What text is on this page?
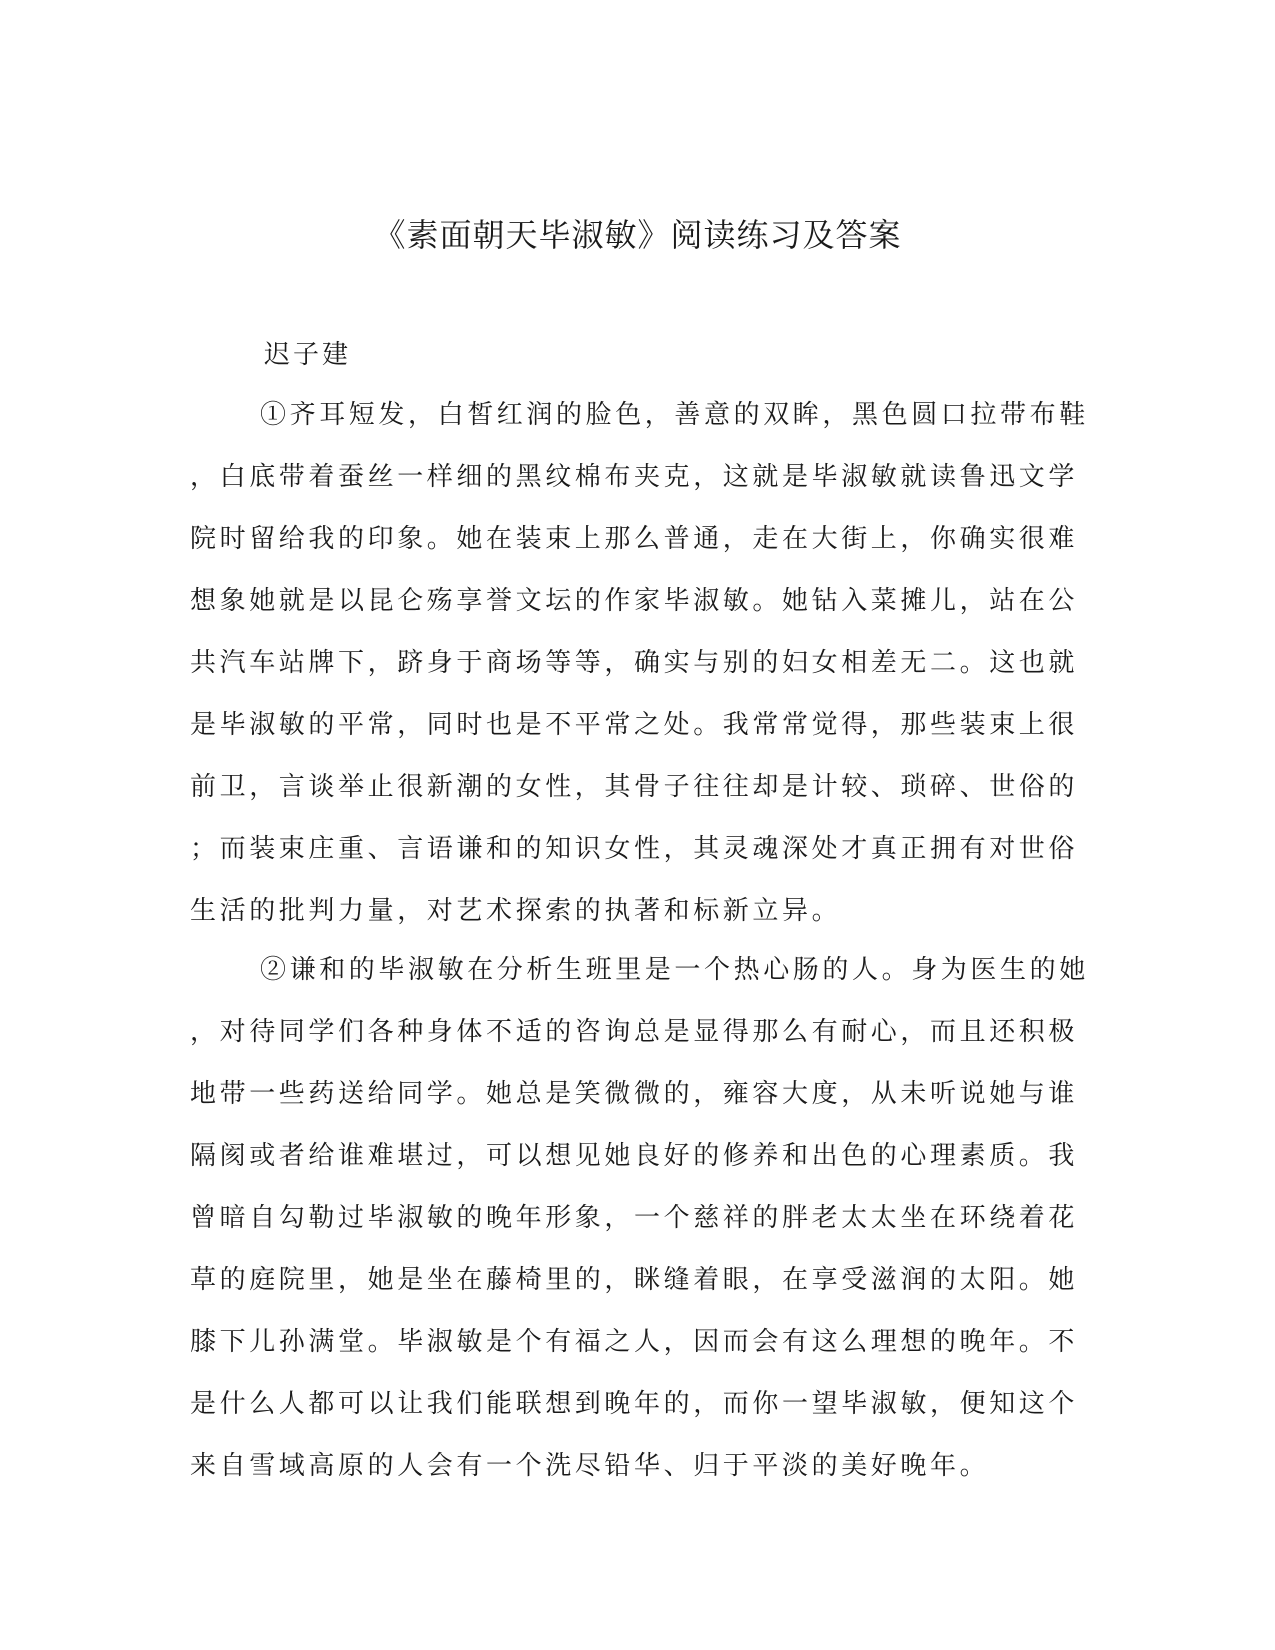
《素面朝天毕淑敏》阅读练习及答案

迟子建

①齐耳短发，白皙红润的脸色，善意的双眸，黑色圆口拉带布鞋
，白底带着蚕丝一样细的黑纹棉布夹克，这就是毕淑敏就读鲁迅文学
院时留给我的印象。她在装束上那么普通，走在大街上，你确实很难
想象她就是以昆仑殇享誉文坛的作家毕淑敏。她钻入菜摊儿，站在公
共汽车站牌下，跻身于商场等等，确实与别的妇女相差无二。这也就
是毕淑敏的平常，同时也是不平常之处。我常常觉得，那些装束上很
前卫，言谈举止很新潮的女性，其骨子往往却是计较、琐碎、世俗的
；而装束庄重、言语谦和的知识女性，其灵魂深处才真正拥有对世俗
生活的批判力量，对艺术探索的执著和标新立异。
②谦和的毕淑敏在分析生班里是一个热心肠的人。身为医生的她
，对待同学们各种身体不适的咨询总是显得那么有耐心，而且还积极
地带一些药送给同学。她总是笑微微的，雍容大度，从未听说她与谁
隔阂或者给谁难堪过，可以想见她良好的修养和出色的心理素质。我
曾暗自勾勒过毕淑敏的晚年形象，一个慈祥的胖老太太坐在环绕着花
草的庭院里，她是坐在藤椅里的，眯缝着眼，在享受滋润的太阳。她
膝下儿孙满堂。毕淑敏是个有福之人，因而会有这么理想的晚年。不
是什么人都可以让我们能联想到晚年的，而你一望毕淑敏，便知这个
来自雪域高原的人会有一个洗尽铅华、归于平淡的美好晚年。
